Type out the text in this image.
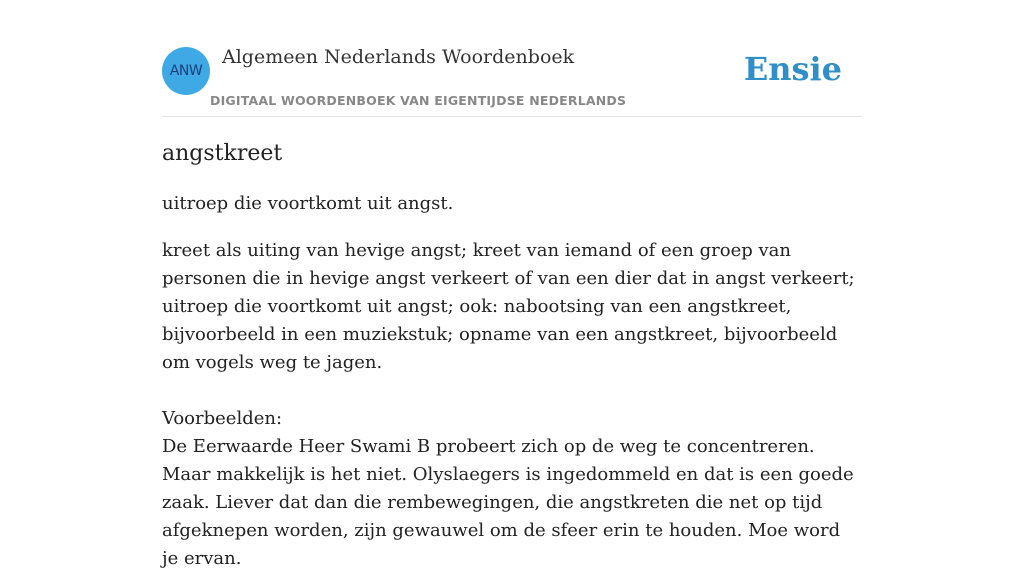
ANW
Algemeen Nederlands Woordenboek
DIGITAAL WOORDENBOEK VAN EIGENTIJDSE NEDERLANDS
Ensie
angstkreet

uitroep die voortkomt uit angst.

kreet als uiting van hevige angst; kreet van iemand of een groep van personen die in hevige angst verkeert of van een dier dat in angst verkeert; uitroep die voortkomt uit angst; ook: nabootsing van een angstkreet, bijvoorbeeld in een muziekstuk; opname van een angstkreet, bijvoorbeeld om vogels weg te jagen.

Voorbeelden:

De Eerwaarde Heer Swami B probeert zich op de weg te concentreren. Maar makkelijk is het niet. Olyslaegers is ingedommeld en dat is een goede zaak. Liever dat dan die rembewegingen, die angstkreten die net op tijd afgeknepen worden, zijn gewauwel om de sfeer erin te houden. Moe word je ervan.
